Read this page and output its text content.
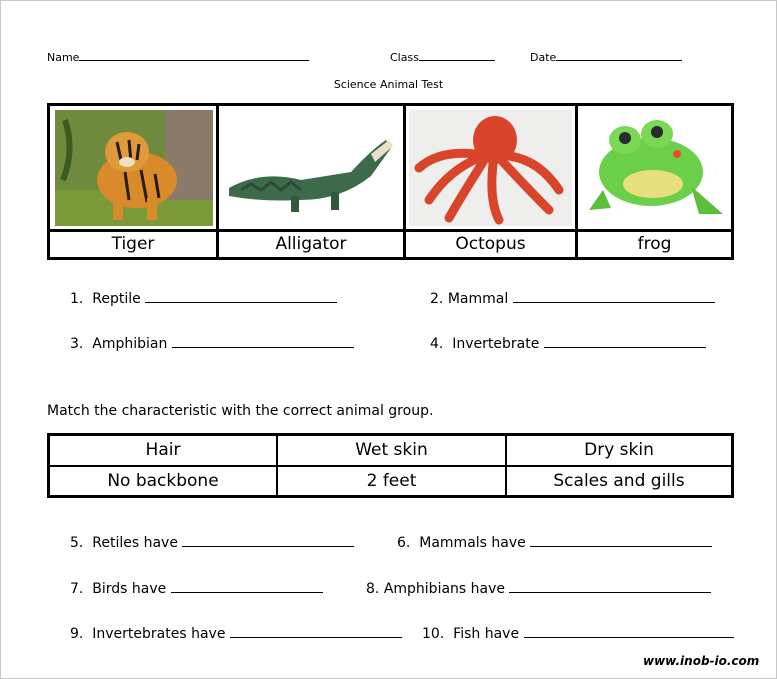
Name	Class	Date
Science Animal Test
Tiger	Alligator	Octopus	frog
1. Reptile	2. Mammal
3. Amphibian	4. Invertebrate
Match the characteristic with the correct animal group.
Hair	Wet skin	Dry skin
No backbone	2 feet	Scales and gills
5. Retiles have	6. Mammals have
7. Birds have	8. Amphibians have
9. Invertebrates have	10. Fish have
www.inob-io.com
